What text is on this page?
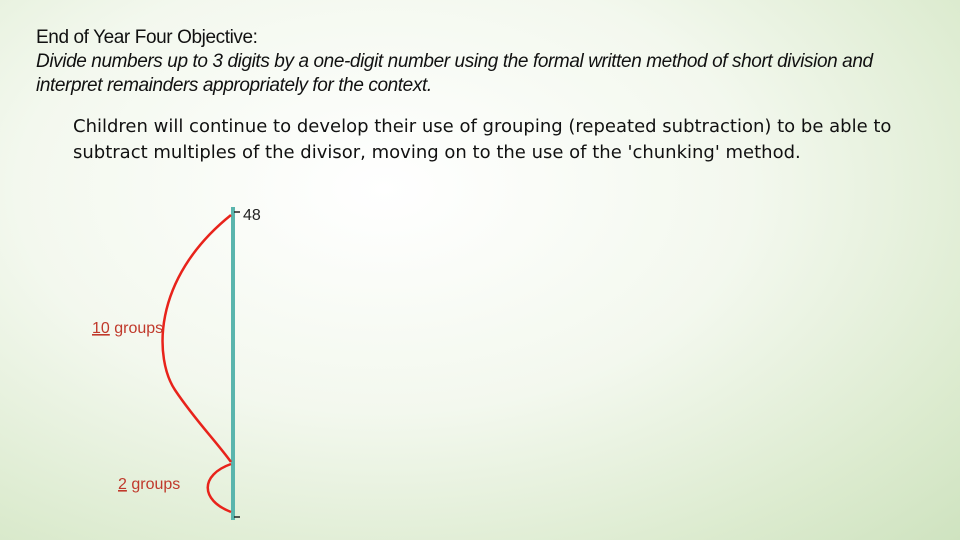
End of Year Four Objective:
Divide numbers up to 3 digits by a one-digit number using the formal written method of short division and interpret remainders appropriately for the context.
Children will continue to develop their use of grouping (repeated subtraction) to be able to subtract multiples of the divisor, moving on to the use of the 'chunking' method.
48
10 groups
2 groups
